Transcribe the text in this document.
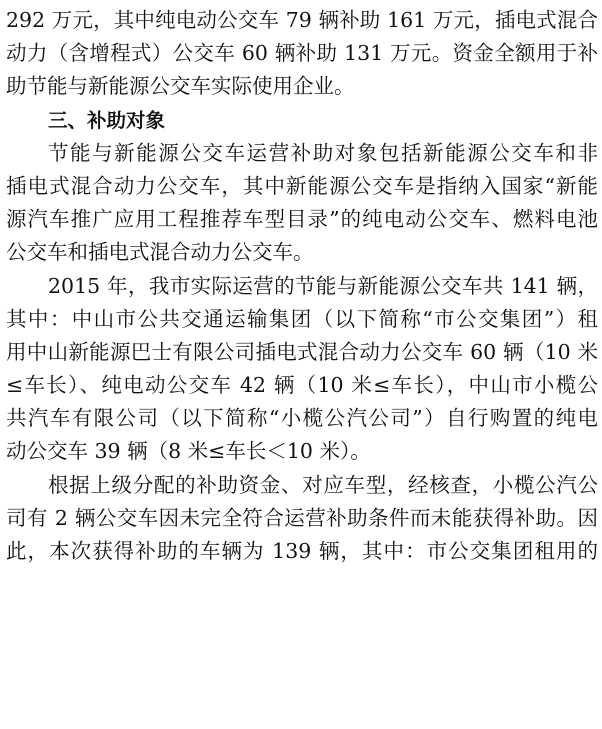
292 万元，其中纯电动公交车 79 辆补助 161 万元，插电式混合
动力（含增程式）公交车 60 辆补助 131 万元。资金全额用于补
助节能与新能源公交车实际使用企业。
三、补助对象
节能与新能源公交车运营补助对象包括新能源公交车和非
插电式混合动力公交车，其中新能源公交车是指纳入国家“新能
源汽车推广应用工程推荐车型目录”的纯电动公交车、燃料电池
公交车和插电式混合动力公交车。
2015 年，我市实际运营的节能与新能源公交车共 141 辆，
其中：中山市公共交通运输集团（以下简称“市公交集团”）租
用中山新能源巴士有限公司插电式混合动力公交车 60 辆（10 米
≤车长）、纯电动公交车 42 辆（10 米≤车长），中山市小榄公
共汽车有限公司（以下简称“小榄公汽公司”）自行购置的纯电
动公交车 39 辆（8 米≤车长＜10 米）。
根据上级分配的补助资金、对应车型，经核查，小榄公汽公
司有 2 辆公交车因未完全符合运营补助条件而未能获得补助。因
此，本次获得补助的车辆为 139 辆，其中：市公交集团租用的
